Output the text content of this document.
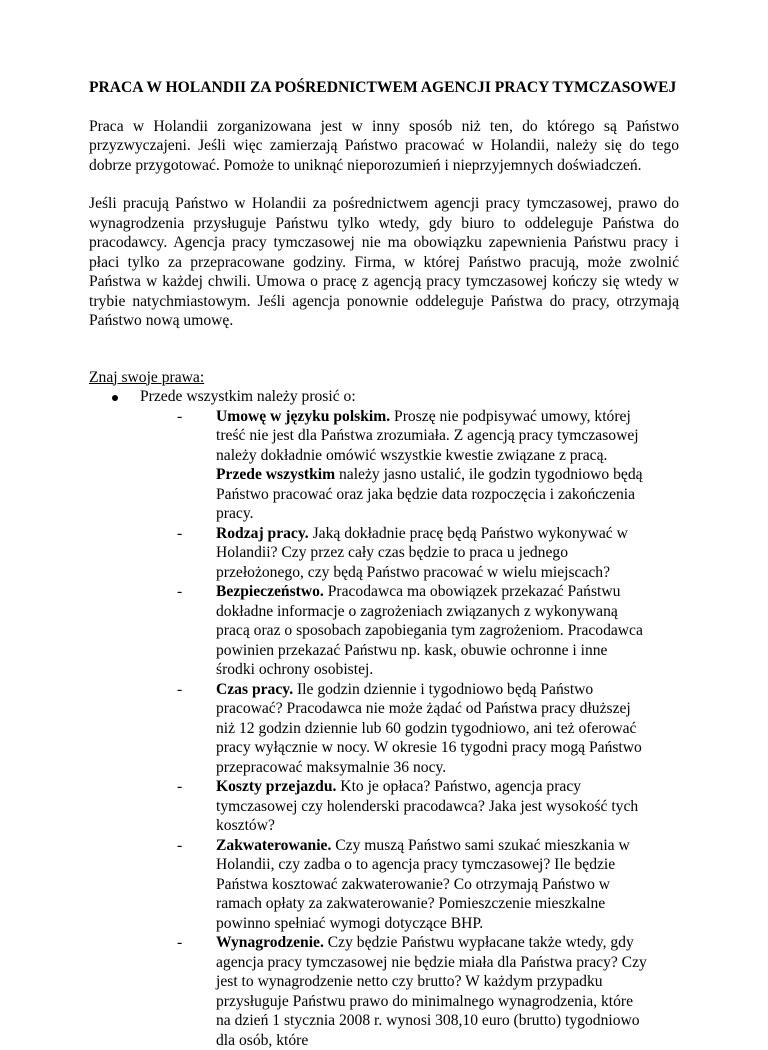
PRACA W HOLANDII ZA POŚREDNICTWEM AGENCJI PRACY TYMCZASOWEJ

Praca w Holandii zorganizowana jest w inny sposób niż ten, do którego są Państwo przyzwyczajeni. Jeśli więc zamierzają Państwo pracować w Holandii, należy się do tego dobrze przygotować. Pomoże to uniknąć nieporozumień i nieprzyjemnych doświadczeń.

Jeśli pracują Państwo w Holandii za pośrednictwem agencji pracy tymczasowej, prawo do wynagrodzenia przysługuje Państwu tylko wtedy, gdy biuro to oddeleguje Państwa do pracodawcy. Agencja pracy tymczasowej nie ma obowiązku zapewnienia Państwu pracy i płaci tylko za przepracowane godziny. Firma, w której Państwo pracują, może zwolnić Państwa w każdej chwili. Umowa o pracę z agencją pracy tymczasowej kończy się wtedy w trybie natychmiastowym. Jeśli agencja ponownie oddeleguje Państwa do pracy, otrzymają Państwo nową umowę.

Znaj swoje prawa:

Przede wszystkim należy prosić o:

- Umowę w języku polskim. Proszę nie podpisywać umowy, której treść nie jest dla Państwa zrozumiała. Z agencją pracy tymczasowej należy dokładnie omówić wszystkie kwestie związane z pracą. Przede wszystkim należy jasno ustalić, ile godzin tygodniowo będą Państwo pracować oraz jaka będzie data rozpoczęcia i zakończenia pracy.
- Rodzaj pracy. Jaką dokładnie pracę będą Państwo wykonywać w Holandii? Czy przez cały czas będzie to praca u jednego przełożonego, czy będą Państwo pracować w wielu miejscach?
- Bezpieczeństwo. Pracodawca ma obowiązek przekazać Państwu dokładne informacje o zagrożeniach związanych z wykonywaną pracą oraz o sposobach zapobiegania tym zagrożeniom. Pracodawca powinien przekazać Państwu np. kask, obuwie ochronne i inne środki ochrony osobistej.
- Czas pracy. Ile godzin dziennie i tygodniowo będą Państwo pracować? Pracodawca nie może żądać od Państwa pracy dłuższej niż 12 godzin dziennie lub 60 godzin tygodniowo, ani też oferować pracy wyłącznie w nocy. W okresie 16 tygodni pracy mogą Państwo przepracować maksymalnie 36 nocy.
- Koszty przejazdu. Kto je opłaca? Państwo, agencja pracy tymczasowej czy holenderski pracodawca? Jaka jest wysokość tych kosztów?
- Zakwaterowanie. Czy muszą Państwo sami szukać mieszkania w Holandii, czy zadba o to agencja pracy tymczasowej? Ile będzie Państwa kosztować zakwaterowanie? Co otrzymają Państwo w ramach opłaty za zakwaterowanie? Pomieszczenie mieszkalne powinno spełniać wymogi dotyczące BHP.
- Wynagrodzenie. Czy będzie Państwu wypłacane także wtedy, gdy agencja pracy tymczasowej nie będzie miała dla Państwa pracy? Czy jest to wynagrodzenie netto czy brutto? W każdym przypadku przysługuje Państwu prawo do minimalnego wynagrodzenia, które na dzień 1 stycznia 2008 r. wynosi 308,10 euro (brutto) tygodniowo dla osób, które
